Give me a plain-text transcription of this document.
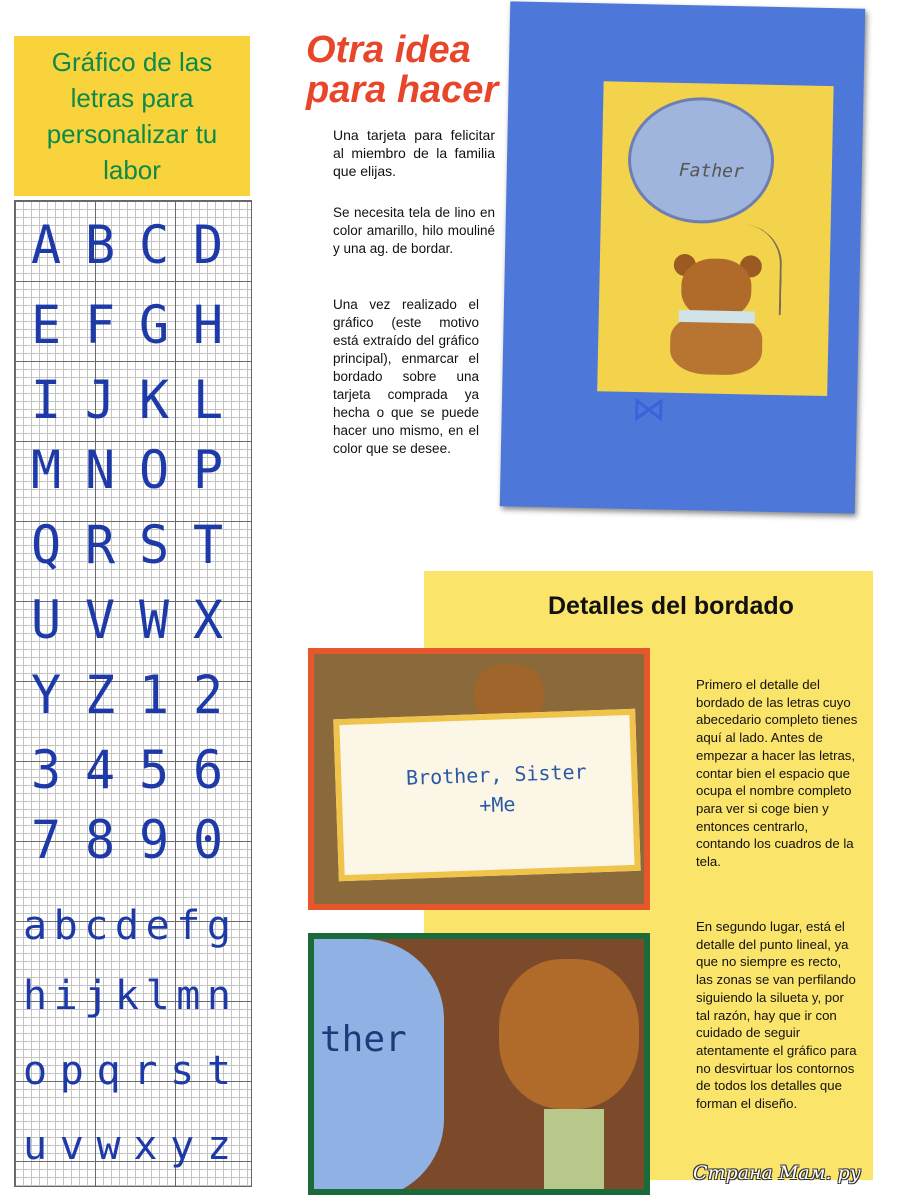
Gráfico de las letras para personalizar tu labor
A B C D
E F G H
I J K L
M N O P
Q R S T
U V W X
Y Z 1 2
3 4 5 6
7 8 9 0
a b c d e f g
h i j k l m n
o p q r s t
u v w x y z
Otra idea
para hacer

Una tarjeta para felicitar al miembro de la familia que elijas.

Se necesita tela de lino en color amarillo, hilo mouliné y una ag. de bordar.

Una vez realizado el gráfico (este motivo está extraído del gráfico principal), enmarcar el bordado sobre una tarjeta comprada ya hecha o que se puede hacer uno mismo, en el color que se desee.

Father
⋈
Detalles del bordado
Brother, Sister
+Me
ther

Primero el detalle del bordado de las letras cuyo abecedario completo tienes aquí al lado. Antes de empezar a hacer las letras, contar bien el espacio que ocupa el nombre completo para ver si coge bien y entonces centrarlo, contando los cuadros de la tela.

En segundo lugar, está el detalle del punto lineal, ya que no siempre es recto, las zonas se van perfilando siguiendo la silueta y, por tal razón, hay que ir con cuidado de seguir atentamente el gráfico para no desvirtuar los contornos de todos los detalles que forman el diseño.

Страна Мам. ру
